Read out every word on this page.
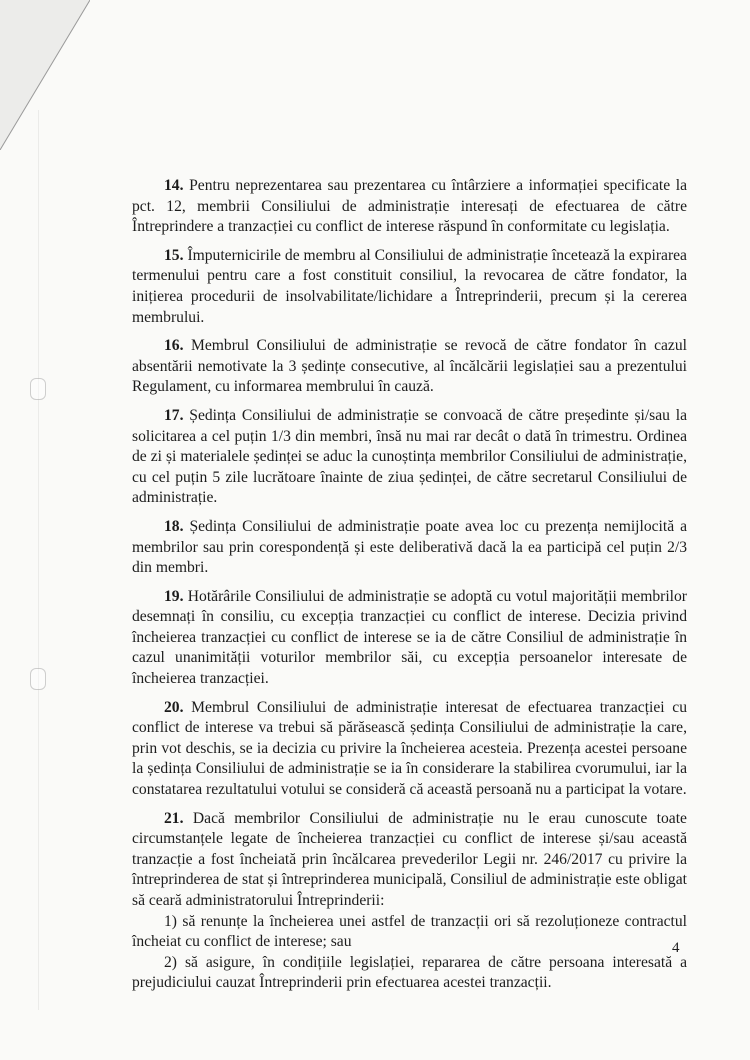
14. Pentru neprezentarea sau prezentarea cu întârziere a informației specificate la pct. 12, membrii Consiliului de administrație interesați de efectuarea de către Întreprindere a tranzacției cu conflict de interese răspund în conformitate cu legislația.

15. Împuternicirile de membru al Consiliului de administrație încetează la expirarea termenului pentru care a fost constituit consiliul, la revocarea de către fondator, la inițierea procedurii de insolvabilitate/lichidare a Întreprinderii, precum și la cererea membrului.

16. Membrul Consiliului de administrație se revocă de către fondator în cazul absentării nemotivate la 3 ședințe consecutive, al încălcării legislației sau a prezentului Regulament, cu informarea membrului în cauză.

17. Ședința Consiliului de administrație se convoacă de către președinte și/sau la solicitarea a cel puțin 1/3 din membri, însă nu mai rar decât o dată în trimestru. Ordinea de zi și materialele ședinței se aduc la cunoștința membrilor Consiliului de administrație, cu cel puțin 5 zile lucrătoare înainte de ziua ședinței, de către secretarul Consiliului de administrație.

18. Ședința Consiliului de administrație poate avea loc cu prezența nemijlocită a membrilor sau prin corespondență și este deliberativă dacă la ea participă cel puțin 2/3 din membri.

19. Hotărârile Consiliului de administrație se adoptă cu votul majorității membrilor desemnați în consiliu, cu excepția tranzacției cu conflict de interese. Decizia privind încheierea tranzacției cu conflict de interese se ia de către Consiliul de administrație în cazul unanimității voturilor membrilor săi, cu excepția persoanelor interesate de încheierea tranzacției.

20. Membrul Consiliului de administrație interesat de efectuarea tranzacției cu conflict de interese va trebui să părăsească ședința Consiliului de administrație la care, prin vot deschis, se ia decizia cu privire la încheierea acesteia. Prezența acestei persoane la ședința Consiliului de administrație se ia în considerare la stabilirea cvorumului, iar la constatarea rezultatului votului se consideră că această persoană nu a participat la votare.

21. Dacă membrilor Consiliului de administrație nu le erau cunoscute toate circumstanțele legate de încheierea tranzacției cu conflict de interese și/sau această tranzacție a fost încheiată prin încălcarea prevederilor Legii nr. 246/2017 cu privire la întreprinderea de stat și întreprinderea municipală, Consiliul de administrație este obligat să ceară administratorului Întreprinderii:

1) să renunțe la încheierea unei astfel de tranzacții ori să rezoluționeze contractul încheiat cu conflict de interese; sau

2) să asigure, în condițiile legislației, repararea de către persoana interesată a prejudiciului cauzat Întreprinderii prin efectuarea acestei tranzacții.

4
